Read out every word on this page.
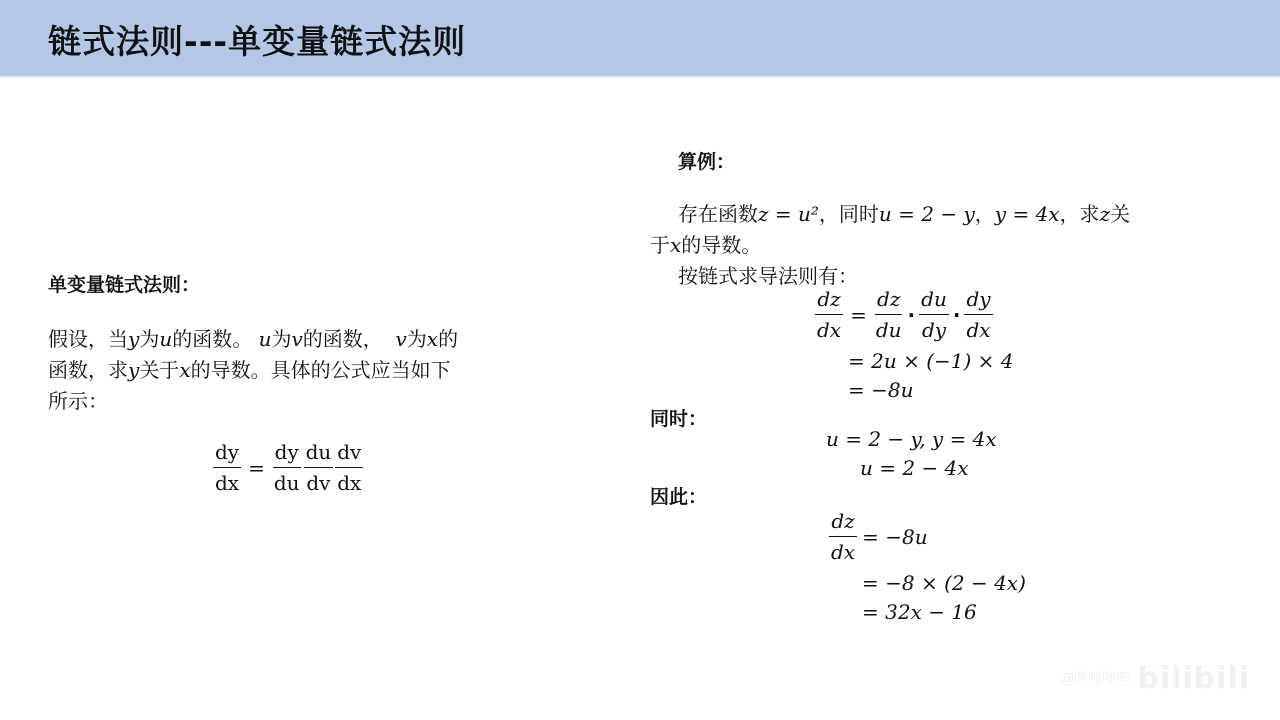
链式法则---单变量链式法则
单变量链式法则：
假设，当y为u的函数。 u为v的函数， v为x的
函数，求y关于x的导数。具体的公式应当如下
所示：
$\frac{dy}{dx} = \frac{dy}{du} \frac{du}{dv} \frac{dv}{dx}$
算例：
存在函数z = u²，同时u = 2 − y，y = 4x，求z关
于x的导数。
按链式求导法则有：
$\frac{dz}{dx} = \frac{dz}{du} \cdot \frac{du}{dy} \cdot \frac{dy}{dx}$
= 2u × (−1) × 4
= −8u
同时：
u = 2 − y, y = 4x
u = 2 − 4x
因此：
$\frac{dz}{dx} = -8u$
= −8 × (2 − 4x)
= 32x − 16
@哔哩哔哩 bilibili
